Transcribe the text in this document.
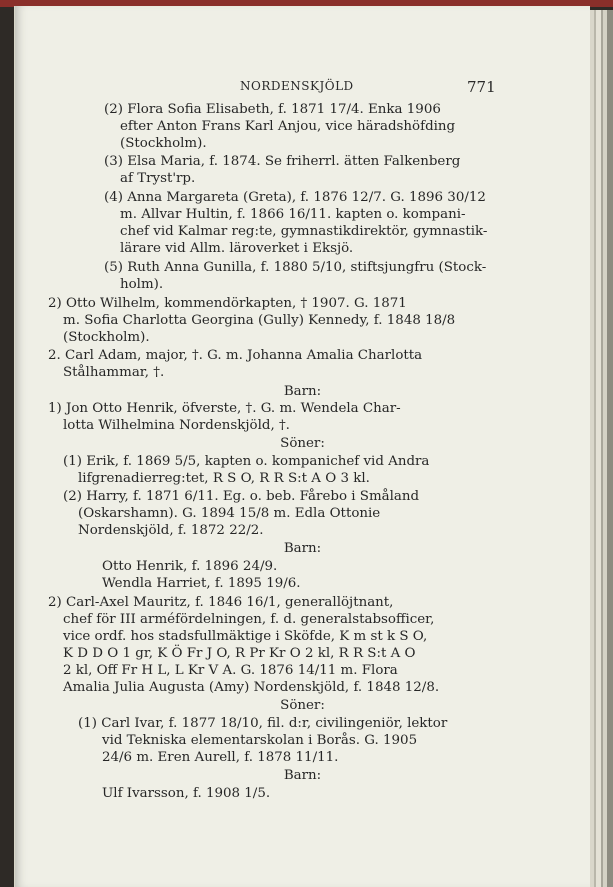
NORDENSKJÖLD	771
(2) Flora Sofia Elisabeth, f. 1871 17/4. Enka 1906
efter Anton Frans Karl Anjou, vice häradshöfding
(Stockholm).
(3) Elsa Maria, f. 1874. Se friherrl. ätten Falkenberg
af Tryst'rp.
(4) Anna Margareta (Greta), f. 1876 12/7. G. 1896 30/12
m. Allvar Hultin, f. 1866 16/11. kapten o. kompani-
chef vid Kalmar reg:te, gymnastikdirektör, gymnastik-
lärare vid Allm. läroverket i Eksjö.
(5) Ruth Anna Gunilla, f. 1880 5/10, stiftsjungfru (Stock-
holm).
2) Otto Wilhelm, kommendörkapten, † 1907. G. 1871
m. Sofia Charlotta Georgina (Gully) Kennedy, f. 1848 18/8
(Stockholm).
2. Carl Adam, major, †. G. m. Johanna Amalia Charlotta
Stålhammar, †.
Barn:
1) Jon Otto Henrik, öfverste, †. G. m. Wendela Char-
lotta Wilhelmina Nordenskjöld, †.
Söner:
(1) Erik, f. 1869 5/5, kapten o. kompanichef vid Andra
lifgrenadierreg:tet, R S O, R R S:t A O 3 kl.
(2) Harry, f. 1871 6/11. Eg. o. beb. Fårebo i Småland
(Oskarshamn). G. 1894 15/8 m. Edla Ottonie
Nordenskjöld, f. 1872 22/2.
Barn:
Otto Henrik, f. 1896 24/9.
Wendla Harriet, f. 1895 19/6.
2) Carl-Axel Mauritz, f. 1846 16/1, generallöjtnant,
chef för III arméfördelningen, f. d. generalstabsofficer,
vice ordf. hos stadsfullmäktige i Sköfde, K m st k S O,
K D D O 1 gr, K Ö Fr J O, R Pr Kr O 2 kl, R R S:t A O
2 kl, Off Fr H L, L Kr V A. G. 1876 14/11 m. Flora
Amalia Julia Augusta (Amy) Nordenskjöld, f. 1848 12/8.
Söner:
(1) Carl Ivar, f. 1877 18/10, fil. d:r, civilingeniör, lektor
vid Tekniska elementarskolan i Borås. G. 1905
24/6 m. Eren Aurell, f. 1878 11/11.
Barn:
Ulf Ivarsson, f. 1908 1/5.
